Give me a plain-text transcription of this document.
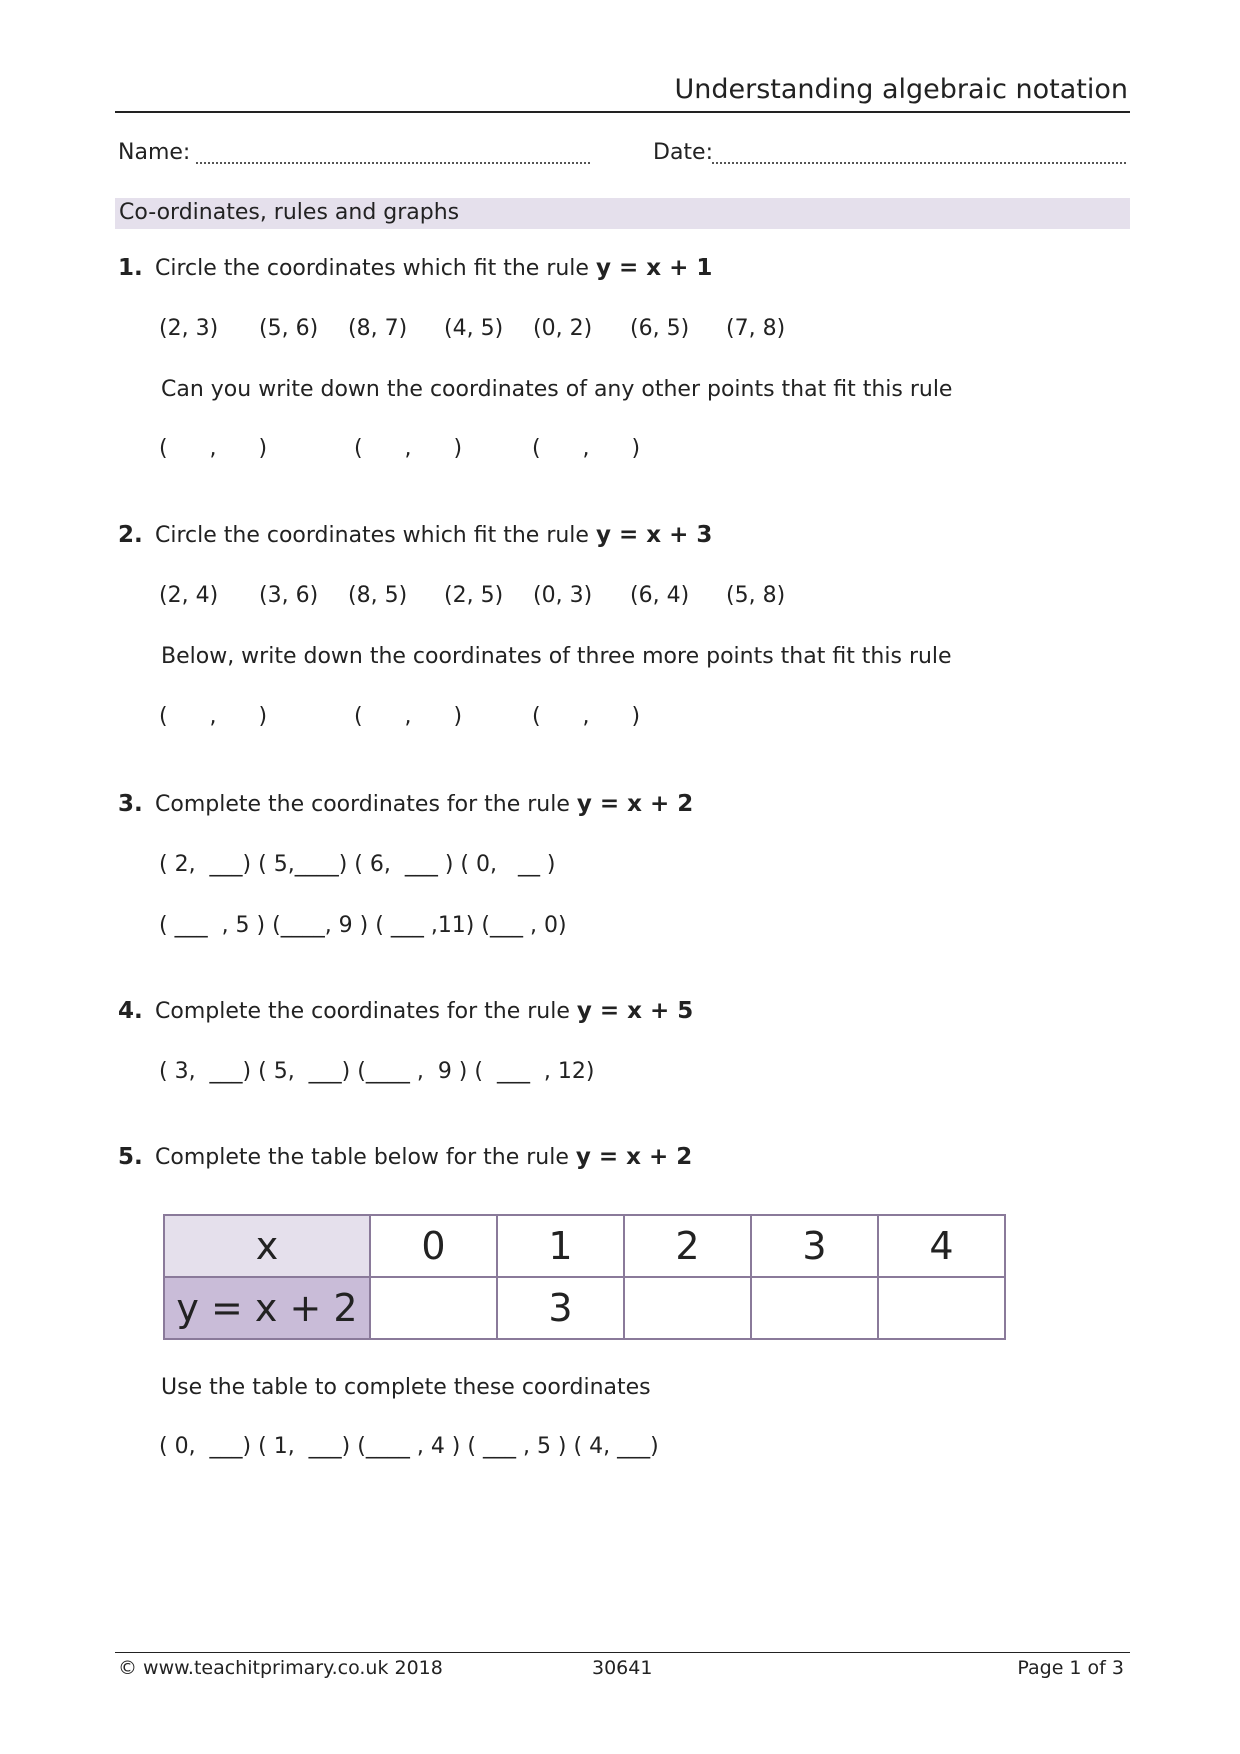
Understanding algebraic notation
Name:	Date:
Co-ordinates, rules and graphs
1. Circle the coordinates which fit the rule y = x + 1
(2, 3) (5, 6) (8, 7) (4, 5) (0, 2) (6, 5) (7, 8)
Can you write down the coordinates of any other points that fit this rule
(      ,      )	(      ,      )	(      ,      )
2. Circle the coordinates which fit the rule y = x + 3
(2, 4) (3, 6) (8, 5) (2, 5) (0, 3) (6, 4) (5, 8)
Below, write down the coordinates of three more points that fit this rule
(      ,      )	(      ,      )	(      ,      )
3. Complete the coordinates for the rule y = x + 2
( 2,  ___) ( 5,____) ( 6,  ___ ) ( 0,   __ )
( ___  , 5 ) (____, 9 ) ( ___ ,11) (___ , 0)
4. Complete the coordinates for the rule y = x + 5
( 3,  ___) ( 5,  ___) (____ ,  9 ) (  ___  , 12)
5. Complete the table below for the rule y = x + 2
x	0	1	2	3	4
y = x + 2		3			
Use the table to complete these coordinates
( 0,  ___) ( 1,  ___) (____ , 4 ) ( ___ , 5 ) ( 4, ___)
© www.teachitprimary.co.uk 2018	30641	Page 1 of 3
